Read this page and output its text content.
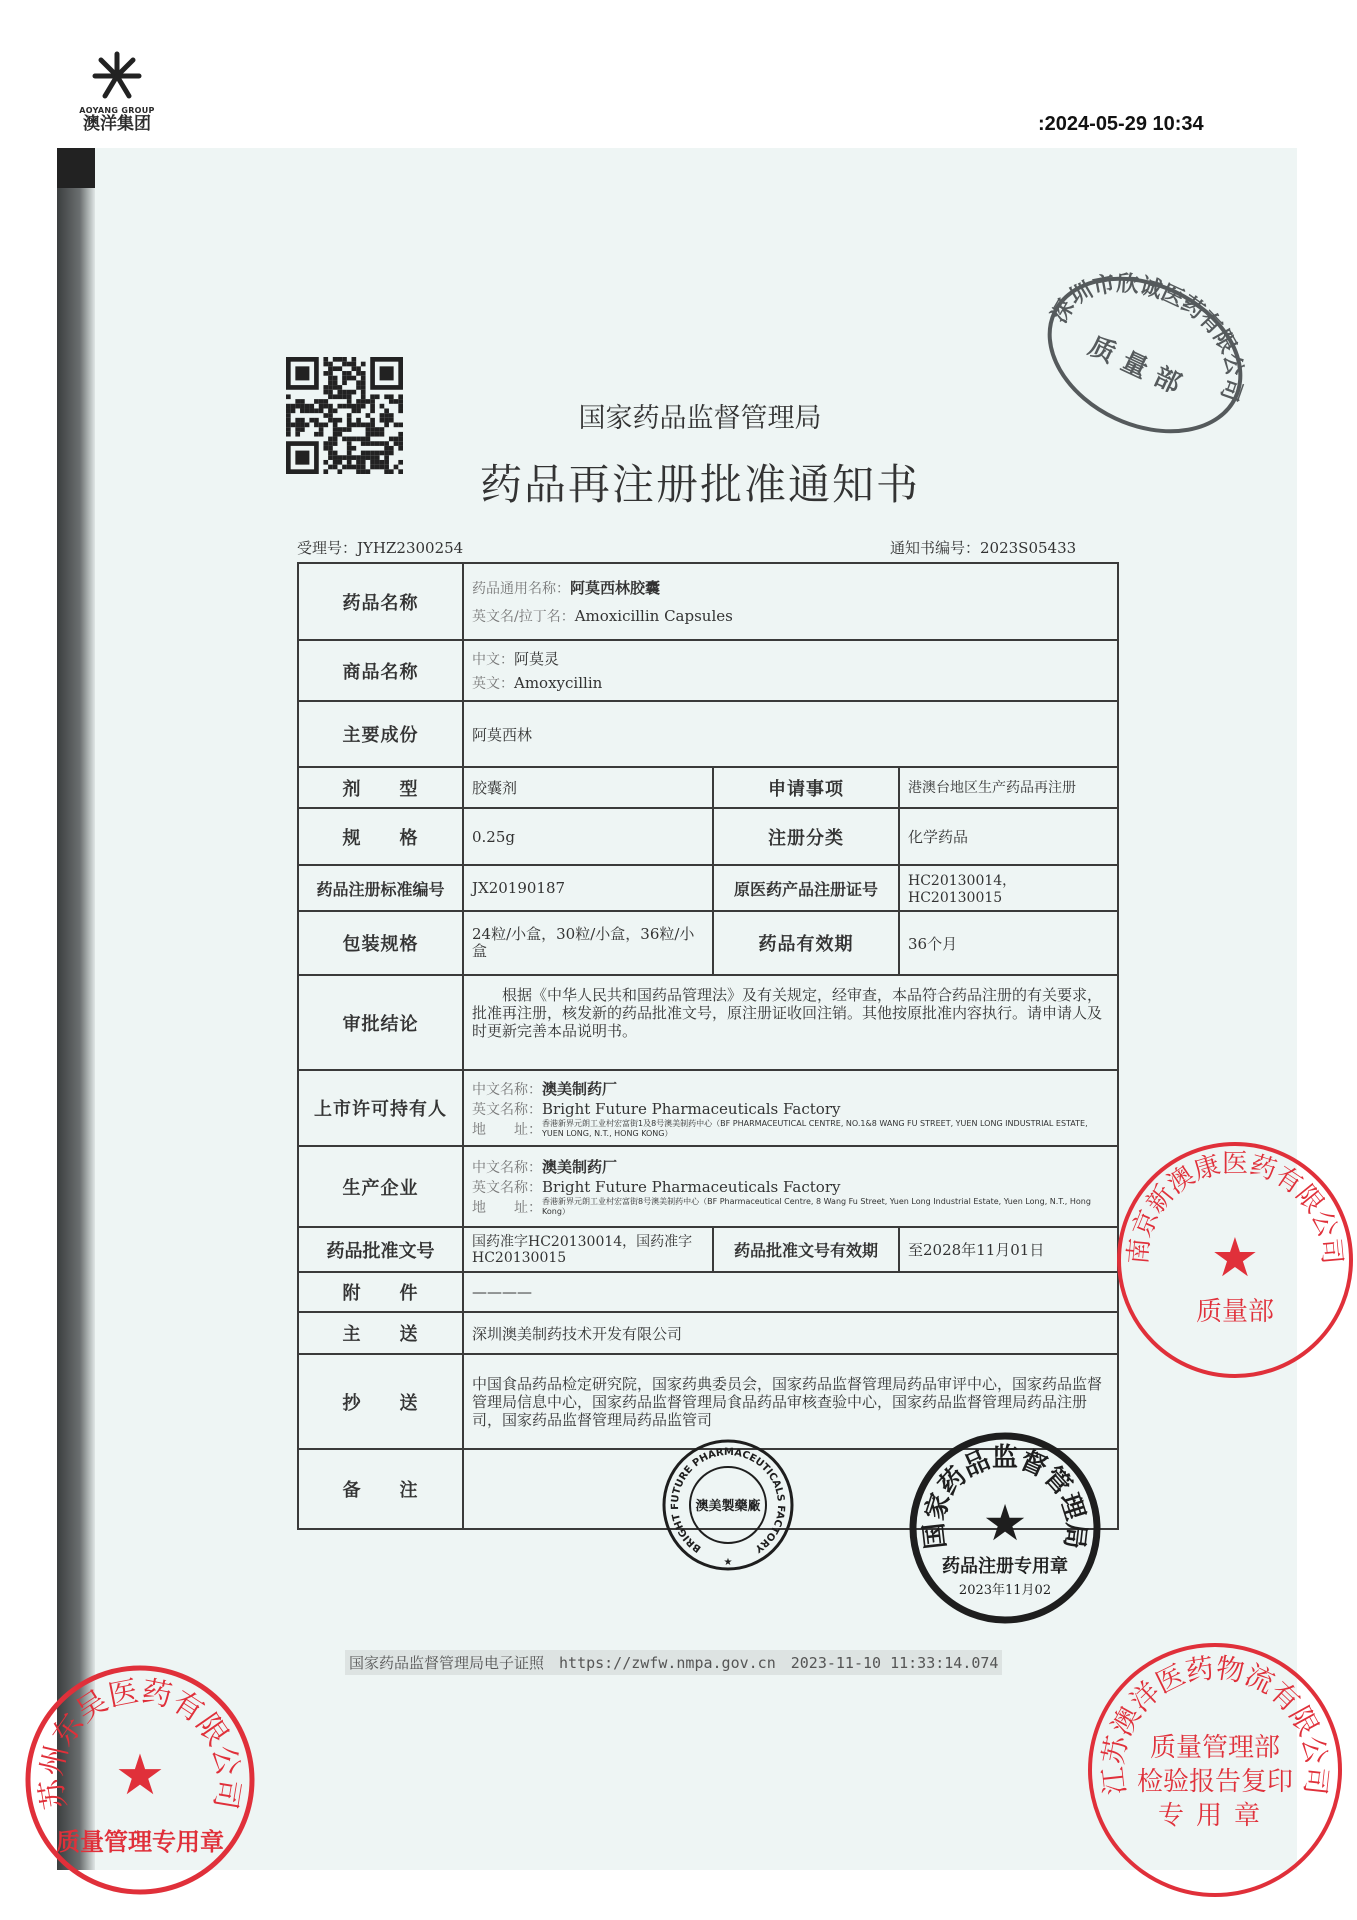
AOYANG GROUP
澳洋集团	:2024-05-29 10:34
国家药品监督管理局
药品再注册批准通知书
受理号：JYHZ2300254	通知书编号：2023S05433
药品名称	药品通用名称：阿莫西林胶囊
英文名/拉丁名：Amoxicillin Capsules		

商品名称	中文：阿莫灵
英文：Amoxycillin		

主要成份	阿莫西林		
剂　　型	胶囊剂	申请事项	港澳台地区生产药品再注册
规　　格	0.25g	注册分类	化学药品
药品注册标准编号	JX20190187	原医药产品注册证号	HC20130014，HC20130015
包装规格	24粒/小盒，30粒/小盒，36粒/小盒	药品有效期	36个月
审批结论	根据《中华人民共和国药品管理法》及有关规定，经审查，本品符合药品注册的有关要求，批准再注册，核发新的药品批准文号，原注册证收回注销。其他按原批准内容执行。请申请人及时更新完善本品说明书。		
上市许可持有人	中文名称：澳美制药厂
英文名称：Bright Future Pharmaceuticals Factory
地　　址： 香港新界元朗工业村宏富街1及8号澳美制药中心（BF PHARMACEUTICAL CENTRE, NO.1&8 WANG FU STREET, YUEN LONG INDUSTRIAL ESTATE, YUEN LONG, N.T., HONG KONG）		

生产企业	中文名称：澳美制药厂
英文名称：Bright Future Pharmaceuticals Factory
地　　址： 香港新界元朗工业村宏富街8号澳美制药中心（BF Pharmaceutical Centre, 8 Wang Fu Street, Yuen Long Industrial Estate, Yuen Long, N.T., Hong Kong）		

药品批准文号	国药准字HC20130014，国药准字HC20130015	药品批准文号有效期	至2028年11月01日
附　　件	————		
主　　送	深圳澳美制药技术开发有限公司		
抄　　送	中国食品药品检定研究院，国家药典委员会，国家药品监督管理局药品审评中心，国家药品监督管理局信息中心，国家药品监督管理局食品药品审核查验中心，国家药品监督管理局药品注册司，国家药品监督管理局药品监管司		
备　　注			
国家药品监督管理局电子证照　https://zwfw.nmpa.gov.cn　2023-11-10 11:33:14.074
深圳市欣诚医药有限公司
质量部
BRIGHT FUTURE PHARMACEUTICALS FACTORY
澳美製藥廠
★
南京新澳康医药有限公司
★
质量部
国家药品监督管理局
★
药品注册专用章
2023年11月02
江苏澳洋医药物流有限公司
质量管理部
检验报告复印
专用章
苏州东吴医药有限公司
★
质量管理专用章
